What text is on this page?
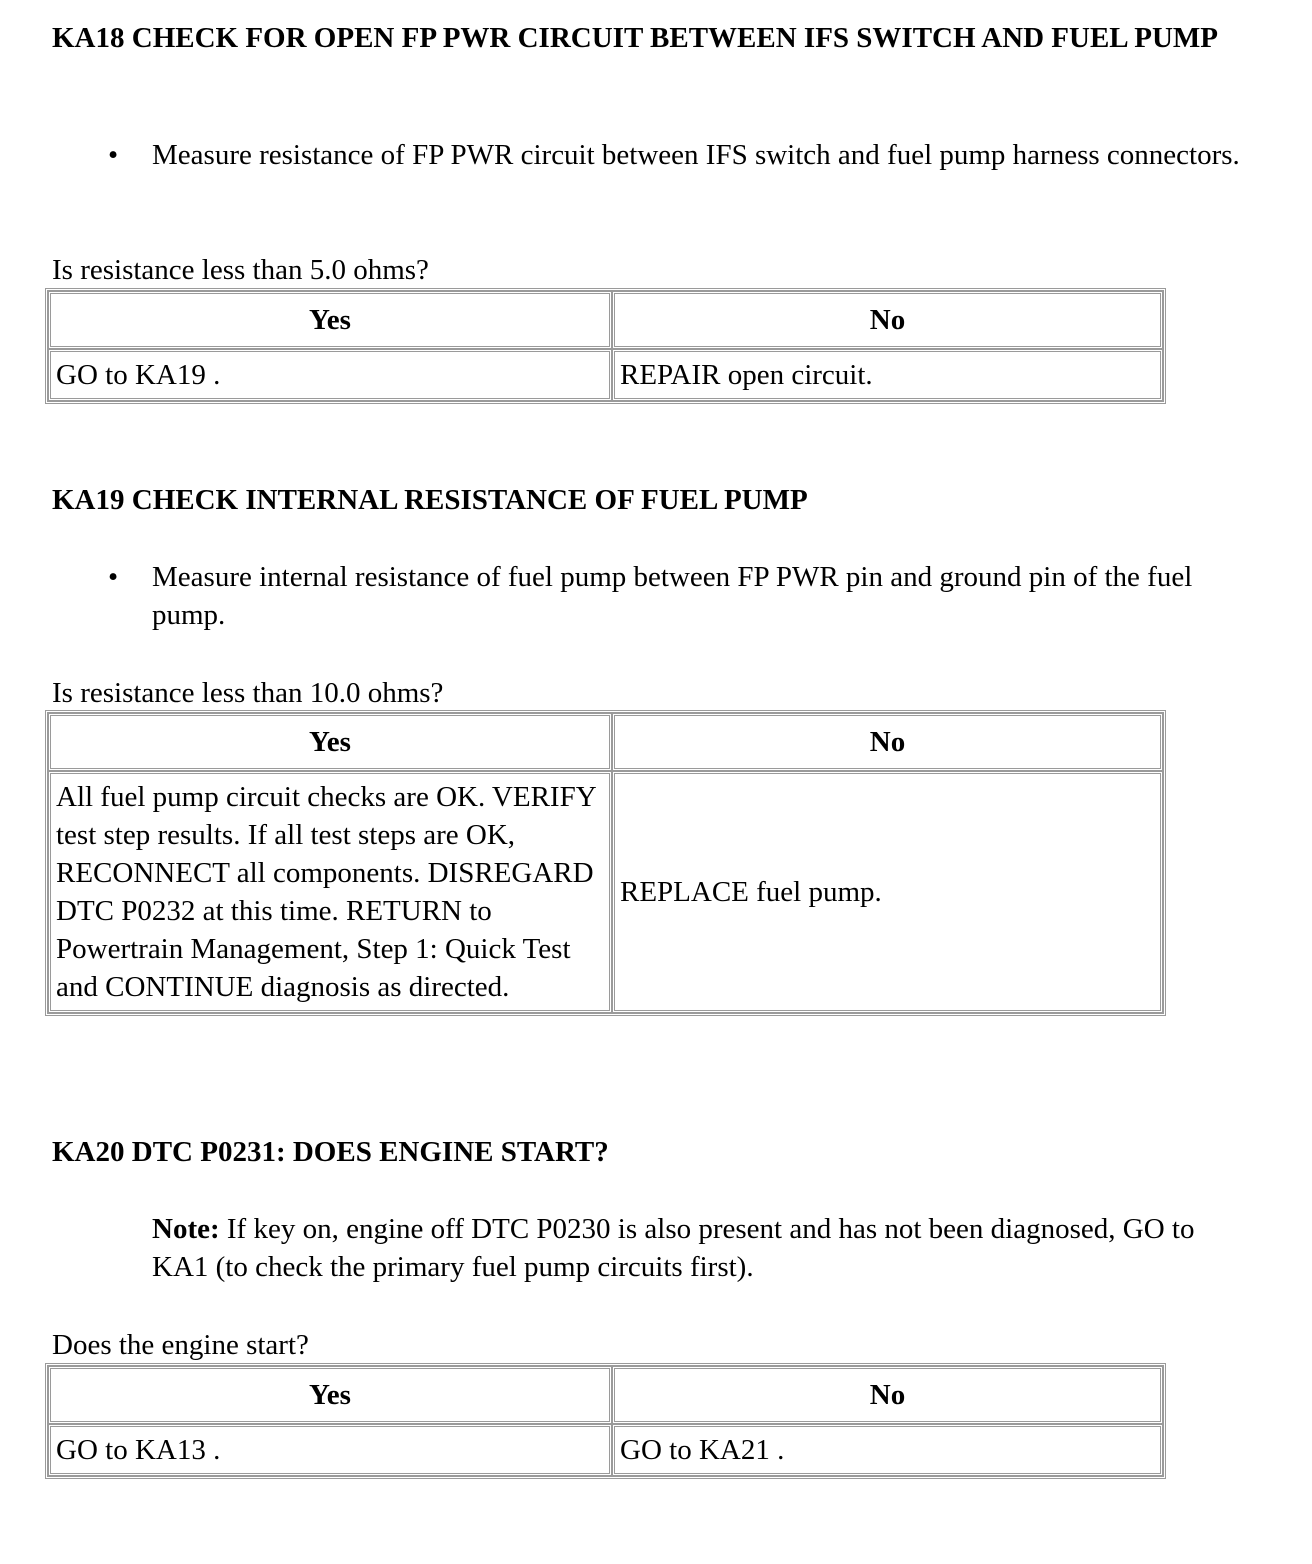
KA18 CHECK FOR OPEN FP PWR CIRCUIT BETWEEN IFS SWITCH AND FUEL PUMP
• Measure resistance of FP PWR circuit between IFS switch and fuel pump harness connectors.
Is resistance less than 5.0 ohms?
Yes	No
GO to KA19 .	REPAIR open circuit.
KA19 CHECK INTERNAL RESISTANCE OF FUEL PUMP
• Measure internal resistance of fuel pump between FP PWR pin and ground pin of the fuel pump.
Is resistance less than 10.0 ohms?
Yes	No
All fuel pump circuit checks are OK. VERIFY test step results. If all test steps are OK, RECONNECT all components. DISREGARD DTC P0232 at this time. RETURN to Powertrain Management, Step 1: Quick Test and CONTINUE diagnosis as directed.	REPLACE fuel pump.
KA20 DTC P0231: DOES ENGINE START?
Note: If key on, engine off DTC P0230 is also present and has not been diagnosed, GO to KA1 (to check the primary fuel pump circuits first).
Does the engine start?
Yes	No
GO to KA13 .	GO to KA21 .
